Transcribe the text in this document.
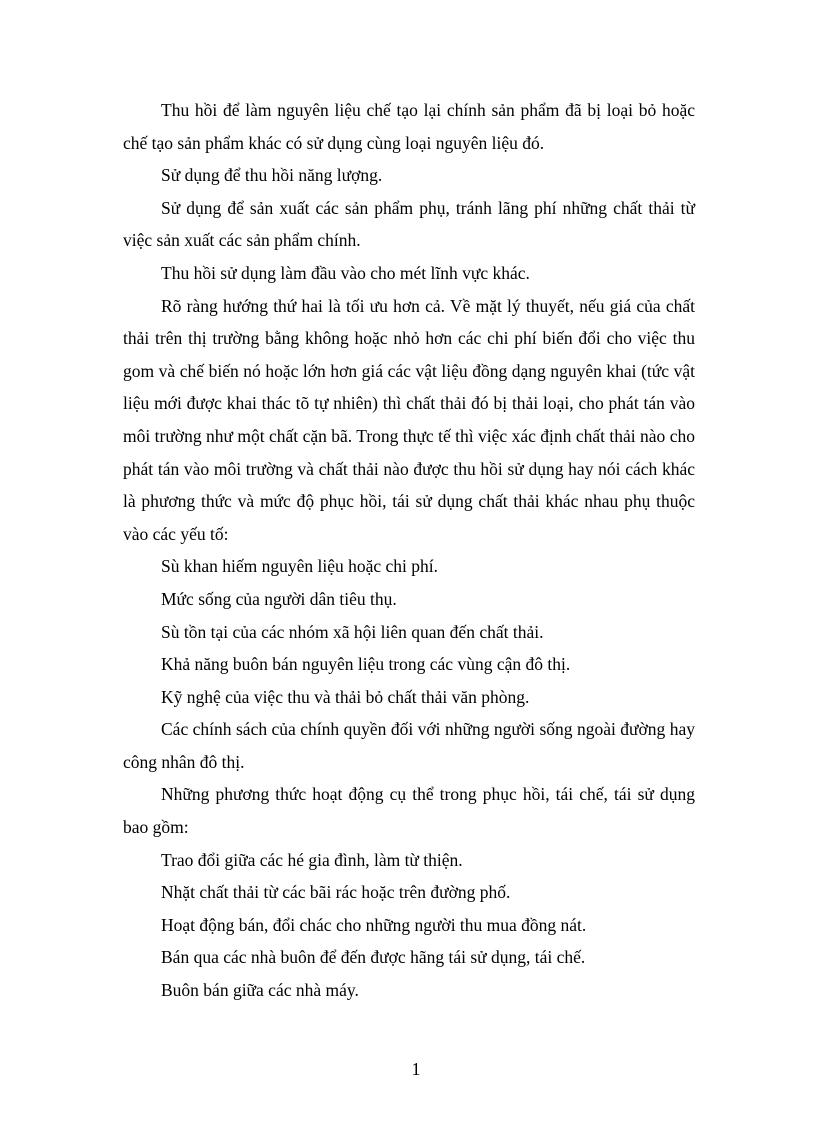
Thu hồi để làm nguyên liệu chế tạo lại chính sản phẩm đã bị loại bỏ hoặc chế tạo sản phẩm khác có sử dụng cùng loại nguyên liệu đó.

Sử dụng để thu hồi năng lượng.

Sử dụng để sản xuất các sản phẩm phụ, tránh lãng phí những chất thải từ việc sản xuất các sản phẩm chính.

Thu hồi sử dụng làm đầu vào cho mét lĩnh vực khác.

Rõ ràng hướng thứ hai là tối ưu hơn cả. Về mặt lý thuyết, nếu giá của chất thải trên thị trường bằng không hoặc nhỏ hơn các chi phí biến đổi cho việc thu gom và chế biến nó hoặc lớn hơn giá các vật liệu đồng dạng nguyên khai (tức vật liệu mới được khai thác tõ tự nhiên) thì chất thải đó bị thải loại, cho phát tán vào môi trường như một chất cặn bã. Trong thực tế thì việc xác định chất thải nào cho phát tán vào môi trường và chất thải nào được thu hồi sử dụng hay nói cách khác là phương thức và mức độ phục hồi, tái sử dụng chất thải khác nhau phụ thuộc vào các yếu tố:

Sù khan hiếm nguyên liệu hoặc chi phí.

Mức sống của người dân tiêu thụ.

Sù tồn tại của các nhóm xã hội liên quan đến chất thải.

Khả năng buôn bán nguyên liệu trong các vùng cận đô thị.

Kỹ nghệ của việc thu và thải bỏ chất thải văn phòng.

Các chính sách của chính quyền đối với những người sống ngoài đường hay công nhân đô thị.

Những phương thức hoạt động cụ thể trong phục hồi, tái chế, tái sử dụng bao gồm:

Trao đổi giữa các hé gia đình, làm từ thiện.

Nhặt chất thải từ các bãi rác hoặc trên đường phố.

Hoạt động bán, đổi chác cho những người thu mua đồng nát.

Bán qua các nhà buôn để đến được hãng tái sử dụng, tái chế.

Buôn bán giữa các nhà máy.

1
